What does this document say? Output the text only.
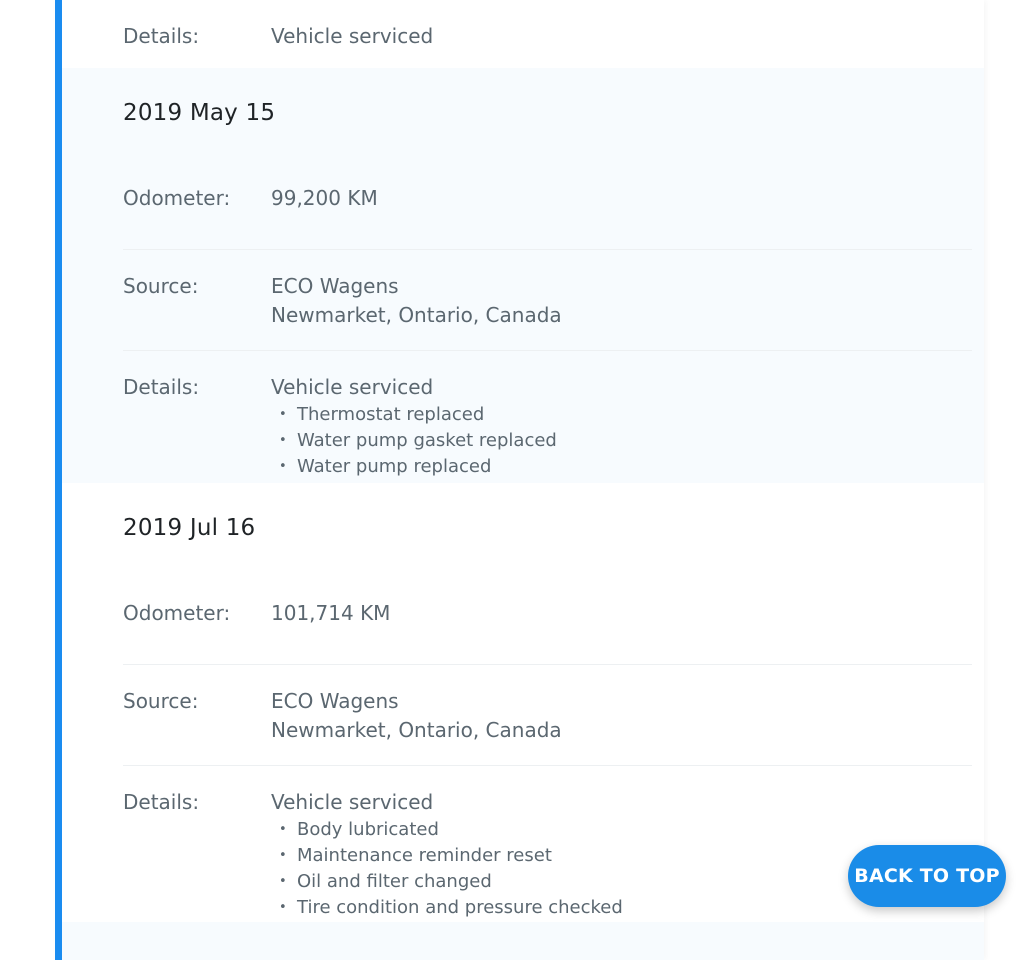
Details:	Vehicle serviced
2019 May 15
Odometer:	99,200 KM
Source:	ECO Wagens
Newmarket, Ontario, Canada
Details:	Vehicle serviced
• Thermostat replaced
• Water pump gasket replaced
• Water pump replaced
2019 Jul 16
Odometer:	101,714 KM
Source:	ECO Wagens
Newmarket, Ontario, Canada
Details:	Vehicle serviced
• Body lubricated
• Maintenance reminder reset
• Oil and filter changed
• Tire condition and pressure checked
BACK TO TOP
